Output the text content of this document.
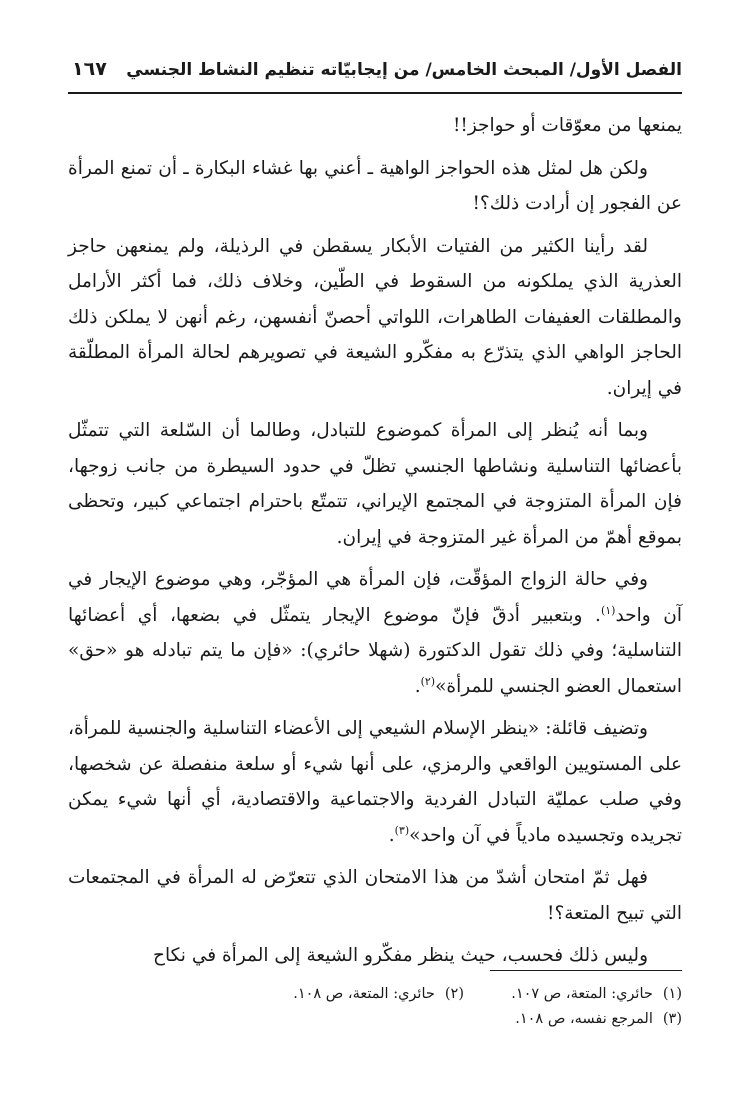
الفصل الأول/ المبحث الخامس/ من إيجابيّاته تنظيم النشاط الجنسي
١٦٧

يمنعها من معوّقات أو حواجز!!

ولكن هل لمثل هذه الحواجز الواهية ـ أعني بها غشاء البكارة ـ أن تمنع المرأة عن الفجور إن أرادت ذلك؟!

لقد رأينا الكثير من الفتيات الأبكار يسقطن في الرذيلة، ولم يمنعهن حاجز العذرية الذي يملكونه من السقوط في الطّين، وخلاف ذلك، فما أكثر الأرامل والمطلقات العفيفات الطاهرات، اللواتي أحصنّ أنفسهن، رغم أنهن لا يملكن ذلك الحاجز الواهي الذي يتذرّع به مفكّرو الشيعة في تصويرهم لحالة المرأة المطلّقة في إيران.

وبما أنه يُنظر إلى المرأة كموضوع للتبادل، وطالما أن السّلعة التي تتمثّل بأعضائها التناسلية ونشاطها الجنسي تظلّ في حدود السيطرة من جانب زوجها، فإن المرأة المتزوجة في المجتمع الإيراني، تتمتّع باحترام اجتماعي كبير، وتحظى بموقع أهمّ من المرأة غير المتزوجة في إيران.

وفي حالة الزواج المؤقّت، فإن المرأة هي المؤجّر، وهي موضوع الإيجار في آن واحد$^{(١)}$. وبتعبير أدقّ فإنّ موضوع الإيجار يتمثّل في بضعها، أي أعضائها التناسلية؛ وفي ذلك تقول الدكتورة (شهلا حائري): «فإن ما يتم تبادله هو «حق» استعمال العضو الجنسي للمرأة»$^{(٢)}$.

وتضيف قائلة: «ينظر الإسلام الشيعي إلى الأعضاء التناسلية والجنسية للمرأة، على المستويين الواقعي والرمزي، على أنها شيء أو سلعة منفصلة عن شخصها، وفي صلب عمليّة التبادل الفردية والاجتماعية والاقتصادية، أي أنها شيء يمكن تجريده وتجسيده مادياً في آن واحد»$^{(٣)}$.

فهل ثمّ امتحان أشدّ من هذا الامتحان الذي تتعرّض له المرأة في المجتمعات التي تبيح المتعة؟!

وليس ذلك فحسب، حيث ينظر مفكّرو الشيعة إلى المرأة في نكاح

(١)حائري: المتعة، ص ١٠٧.
(٢)حائري: المتعة، ص ١٠٨.
(٣)المرجع نفسه، ص ١٠٨.
